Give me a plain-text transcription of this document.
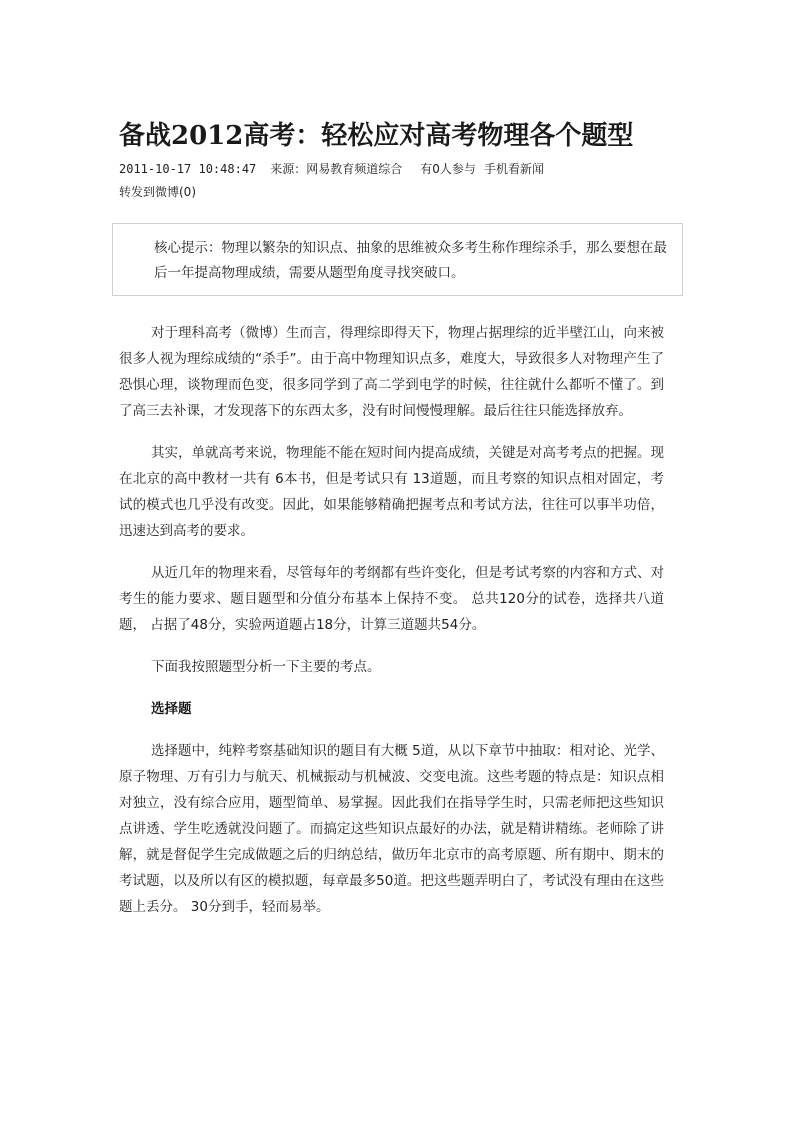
备战2012高考：轻松应对高考物理各个题型
2011-10-17 10:48:47 来源：网易教育频道综合 有0人参与 手机看新闻
转发到微博(0)
核心提示：物理以繁杂的知识点、抽象的思维被众多考生称作理综杀手，那么要想在最后一年提高物理成绩，需要从题型角度寻找突破口。

对于理科高考（微博）生而言，得理综即得天下，物理占据理综的近半壁江山，向来被很多人视为理综成绩的“杀手”。由于高中物理知识点多，难度大，导致很多人对物理产生了恐惧心理，谈物理而色变，很多同学到了高二学到电学的时候，往往就什么都听不懂了。到了高三去补课，才发现落下的东西太多，没有时间慢慢理解。最后往往只能选择放弃。

其实，单就高考来说，物理能不能在短时间内提高成绩，关键是对高考考点的把握。现在北京的高中教材一共有 6本书，但是考试只有 13道题，而且考察的知识点相对固定，考试的模式也几乎没有改变。因此，如果能够精确把握考点和考试方法，往往可以事半功倍，迅速达到高考的要求。

从近几年的物理来看，尽管每年的考纲都有些许变化，但是考试考察的内容和方式、对考生的能力要求、题目题型和分值分布基本上保持不变。 总共120分的试卷，选择共八道题， 占据了48分，实验两道题占18分，计算三道题共54分。

下面我按照题型分析一下主要的考点。

选择题

选择题中，纯粹考察基础知识的题目有大概 5道，从以下章节中抽取：相对论、光学、原子物理、万有引力与航天、机械振动与机械波、交变电流。这些考题的特点是：知识点相对独立，没有综合应用，题型简单、易掌握。因此我们在指导学生时，只需老师把这些知识点讲透、学生吃透就没问题了。而搞定这些知识点最好的办法，就是精讲精练。老师除了讲解，就是督促学生完成做题之后的归纳总结，做历年北京市的高考原题、所有期中、期末的考试题，以及所以有区的模拟题，每章最多50道。把这些题弄明白了，考试没有理由在这些题上丢分。 30分到手，轻而易举。
